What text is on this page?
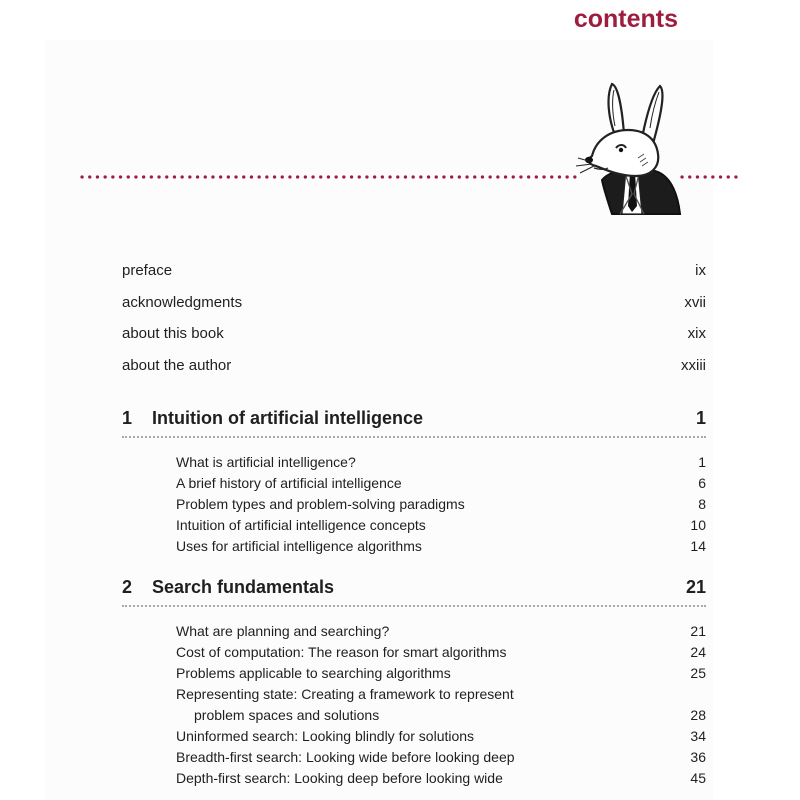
contents
preface	ix
acknowledgments	xvii
about this book	xix
about the author	xxiii
1 Intuition of artificial intelligence	1
What is artificial intelligence?	1
A brief history of artificial intelligence	6
Problem types and problem-solving paradigms	8
Intuition of artificial intelligence concepts	10
Uses for artificial intelligence algorithms	14
2 Search fundamentals	21
What are planning and searching?	21
Cost of computation: The reason for smart algorithms	24
Problems applicable to searching algorithms	25
Representing state: Creating a framework to represent
problem spaces and solutions	28
Uninformed search: Looking blindly for solutions	34
Breadth-first search: Looking wide before looking deep	36
Depth-first search: Looking deep before looking wide	45
